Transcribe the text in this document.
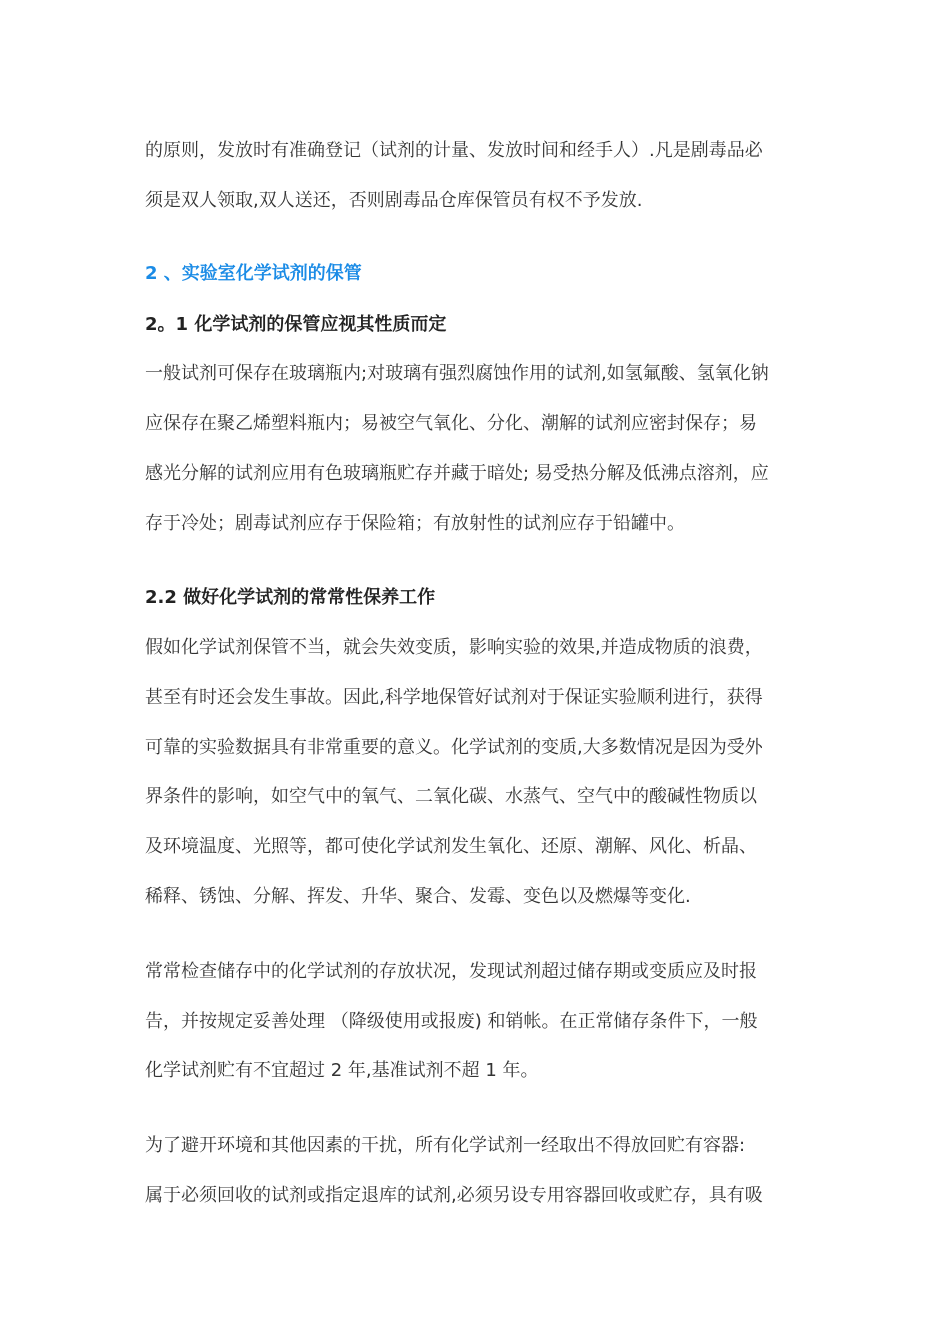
的原则，发放时有准确登记（试剂的计量、发放时间和经手人）.凡是剧毒品必
须是双人领取,双人送还，否则剧毒品仓库保管员有权不予发放.
2 、实验室化学试剂的保管
2。1 化学试剂的保管应视其性质而定
一般试剂可保存在玻璃瓶内;对玻璃有强烈腐蚀作用的试剂,如氢氟酸、氢氧化钠
应保存在聚乙烯塑料瓶内；易被空气氧化、分化、潮解的试剂应密封保存；易
感光分解的试剂应用有色玻璃瓶贮存并藏于暗处; 易受热分解及低沸点溶剂，应
存于冷处；剧毒试剂应存于保险箱；有放射性的试剂应存于铅罐中。
2.2 做好化学试剂的常常性保养工作
假如化学试剂保管不当，就会失效变质，影响实验的效果,并造成物质的浪费，
甚至有时还会发生事故。因此,科学地保管好试剂对于保证实验顺利进行，获得
可靠的实验数据具有非常重要的意义。化学试剂的变质,大多数情况是因为受外
界条件的影响，如空气中的氧气、二氧化碳、水蒸气、空气中的酸碱性物质以
及环境温度、光照等，都可使化学试剂发生氧化、还原、潮解、风化、析晶、
稀释、锈蚀、分解、挥发、升华、聚合、发霉、变色以及燃爆等变化.
常常检查储存中的化学试剂的存放状况，发现试剂超过储存期或变质应及时报
告，并按规定妥善处理 （降级使用或报废) 和销帐。在正常储存条件下，一般
化学试剂贮有不宜超过 2 年,基准试剂不超 1 年。
为了避开环境和其他因素的干扰，所有化学试剂一经取出不得放回贮有容器:
属于必须回收的试剂或指定退库的试剂,必须另设专用容器回收或贮存，具有吸
